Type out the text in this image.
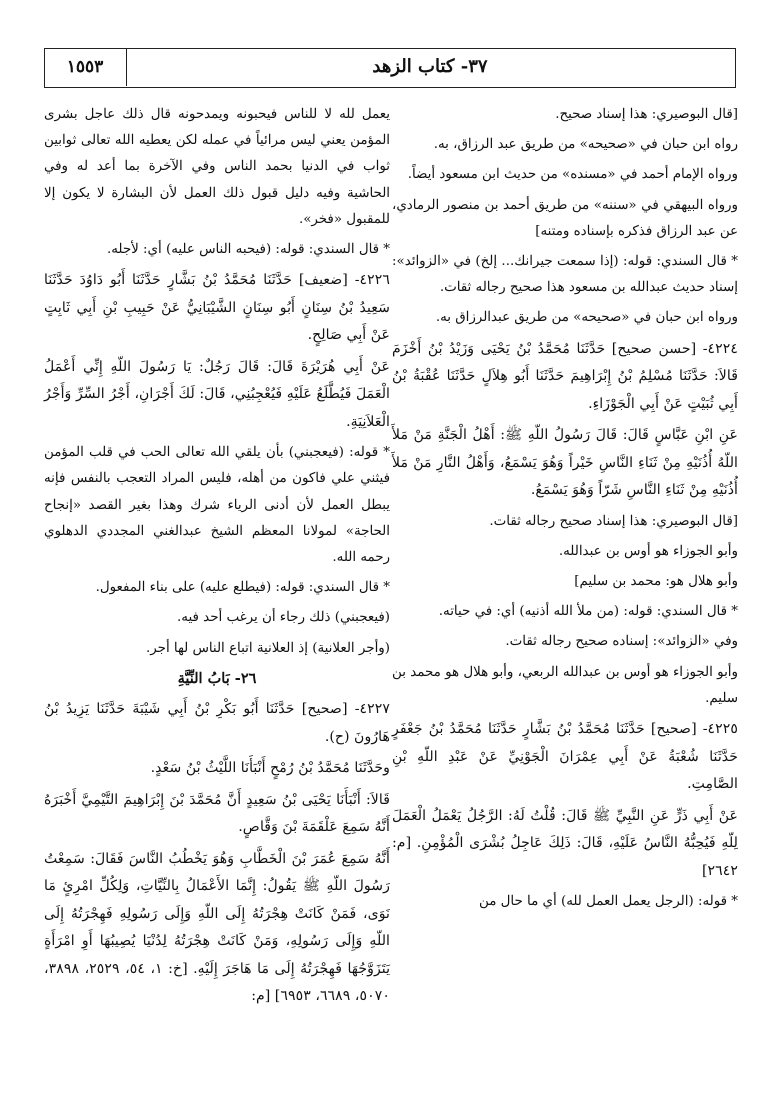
١٥٥٣	٣٧- كتاب الزهد

[قال البوصيري: هذا إسناد صحيح.

رواه ابن حبان في «صحيحه» من طريق عبد الرزاق، به.

ورواه الإمام أحمد في «مسنده» من حديث ابن مسعود أيضاً.

ورواه البيهقي في «سننه» من طريق أحمد بن منصور الرمادي، عن عبد الرزاق فذكره بإسناده ومتنه]

* قال السندي: قوله: (إذا سمعت جيرانك... إلخ) في «الزوائد»: إسناد حديث عبدالله بن مسعود هذا صحيح رجاله ثقات.

ورواه ابن حبان في «صحيحه» من طريق عبدالرزاق به.

٤٢٢٤- [حسن صحيح] حَدَّثَنَا مُحَمَّدُ بْنُ يَحْيَى وَزَيْدُ بْنُ أَخْزَمَ قَالاَ: حَدَّثَنَا مُسْلِمُ بْنُ إِبْرَاهِيمَ حَدَّثَنَا أَبُو هِلاَلٍ حَدَّثَنَا عُقْبَةُ بْنُ أَبِي ثُبَيْتٍ عَنْ أَبِي الْجَوْزَاءِ.

عَنِ ابْنِ عَبَّاسٍ قَالَ: قَالَ رَسُولُ اللّهِ ﷺ: أَهْلُ الْجَنَّةِ مَنْ مَلأَ اللّهُ أُذُنَيْهِ مِنْ ثَنَاءِ النَّاسِ خَيْراً وَهُوَ يَسْمَعُ، وَأَهْلُ النَّارِ مَنْ مَلأَ أُذُنَيْهِ مِنْ ثَنَاءِ النَّاسِ شَرّاً وَهُوَ يَسْمَعُ.

[قال البوصيري: هذا إسناد صحيح رجاله ثقات.

وأبو الجوزاء هو أوس بن عبدالله.

وأبو هلال هو: محمد بن سليم]

* قال السندي: قوله: (من ملأ الله أذنيه) أي: في حياته.

وفي «الزوائد»: إسناده صحيح رجاله ثقات.

وأبو الجوزاء هو أوس بن عبدالله الربعي، وأبو هلال هو محمد بن سليم.

٤٢٢٥- [صحيح] حَدَّثَنَا مُحَمَّدُ بْنُ بَشَّارٍ حَدَّثَنَا مُحَمَّدُ بْنُ جَعْفَرٍ حَدَّثَنَا شُعْبَةُ عَنْ أَبِي عِمْرَانَ الْجَوْنِيِّ عَنْ عَبْدِ اللّهِ بْنِ الصَّامِتِ.

عَنْ أَبِي ذَرٍّ عَنِ النَّبِيِّ ﷺ قَالَ: قُلْتُ لَهُ: الرَّجُلُ يَعْمَلُ الْعَمَلَ لِلّهِ فَيُحِبُّهُ النَّاسُ عَلَيْهِ، قَالَ: ذَلِكَ عَاجِلُ بُشْرَى الْمُؤْمِنِ. [م: ٢٦٤٢]

* قوله: (الرجل يعمل العمل لله) أي ما حال من

يعمل لله لا للناس فيحبونه ويمدحونه قال ذلك عاجل بشرى المؤمن يعني ليس مرائياً في عمله لكن يعطيه الله تعالى ثوابين ثواب في الدنيا بحمد الناس وفي الآخرة بما أعد له وفي الحاشية وفيه دليل قبول ذلك العمل لأن البشارة لا يكون إلا للمقبول «فخر».

* قال السندي: قوله: (فيحبه الناس عليه) أي: لأجله.

٤٢٢٦- [ضعيف] حَدَّثَنَا مُحَمَّدُ بْنُ بَشَّارٍ حَدَّثَنَا أَبُو دَاوُدَ حَدَّثَنَا سَعِيدُ بْنُ سِنَانٍ أَبُو سِنَانٍ الشَّيْبَانِيُّ عَنْ حَبِيبِ بْنِ أَبِي ثَابِتٍ عَنْ أَبِي صَالِحٍ.

عَنْ أَبِي هُرَيْرَةَ قَالَ: قَالَ رَجُلٌ: يَا رَسُولَ اللّهِ إِنِّي أَعْمَلُ الْعَمَلَ فَيُطَّلَعُ عَلَيْهِ فَيُعْجِبُنِي، قَالَ: لَكَ أَجْرَانِ، أَجْرُ السِّرِّ وَأَجْرُ الْعَلاَنِيَةِ.

* قوله: (فيعجبني) بأن يلقي الله تعالى الحب في قلب المؤمن فيثني علي فاكون من أهله، فليس المراد التعجب بالنفس فإنه يبطل العمل لأن أدنى الرياء شرك وهذا بغير القصد «إنجاح الحاجة» لمولانا المعظم الشيخ عبدالغني المجددي الدهلوي رحمه الله.

* قال السندي: قوله: (فيطلع عليه) على بناء المفعول.

(فيعجبني) ذلك رجاء أن يرغب أحد فيه.

(وأجر العلانية) إذ العلانية اتباع الناس لها أجر.

٢٦- بَابُ النِّيَّةِ

٤٢٢٧- [صحيح] حَدَّثَنَا أَبُو بَكْرِ بْنُ أَبِي شَيْبَةَ حَدَّثَنَا يَزِيدُ بْنُ هَارُونَ (ح).

وحَدَّثَنَا مُحَمَّدُ بْنُ رُمْحٍ أَنْبَأَنَا اللَّيْثُ بْنُ سَعْدٍ.

قَالاَ: أَنْبَأَنَا يَحْيَى بْنُ سَعِيدٍ أَنَّ مُحَمَّدَ بْنَ إِبْرَاهِيمَ التَّيْمِيَّ أَخْبَرَهُ أَنَّهُ سَمِعَ عَلْقَمَةَ بْنَ وَقَّاصٍ.

أَنَّهُ سَمِعَ عُمَرَ بْنَ الْخَطَّابِ وَهُوَ يَخْطُبُ النَّاسَ فَقَالَ: سَمِعْتُ رَسُولَ اللّهِ ﷺ يَقُولُ: إِنَّمَا الأَعْمَالُ بِالنِّيَّاتِ، وَلِكُلِّ امْرِئٍ مَا نَوَى، فَمَنْ كَانَتْ هِجْرَتُهُ إِلَى اللّهِ وَإِلَى رَسُولِهِ فَهِجْرَتُهُ إِلَى اللّهِ وَإِلَى رَسُولِهِ، وَمَنْ كَانَتْ هِجْرَتُهُ لِدُنْيَا يُصِيبُهَا أَوِ امْرَأَةٍ يَتَزَوَّجُهَا فَهِجْرَتُهُ إِلَى مَا هَاجَرَ إِلَيْهِ. [خ: ١، ٥٤، ٢٥٢٩، ٣٨٩٨، ٥٠٧٠، ٦٦٨٩، ٦٩٥٣] [م:
